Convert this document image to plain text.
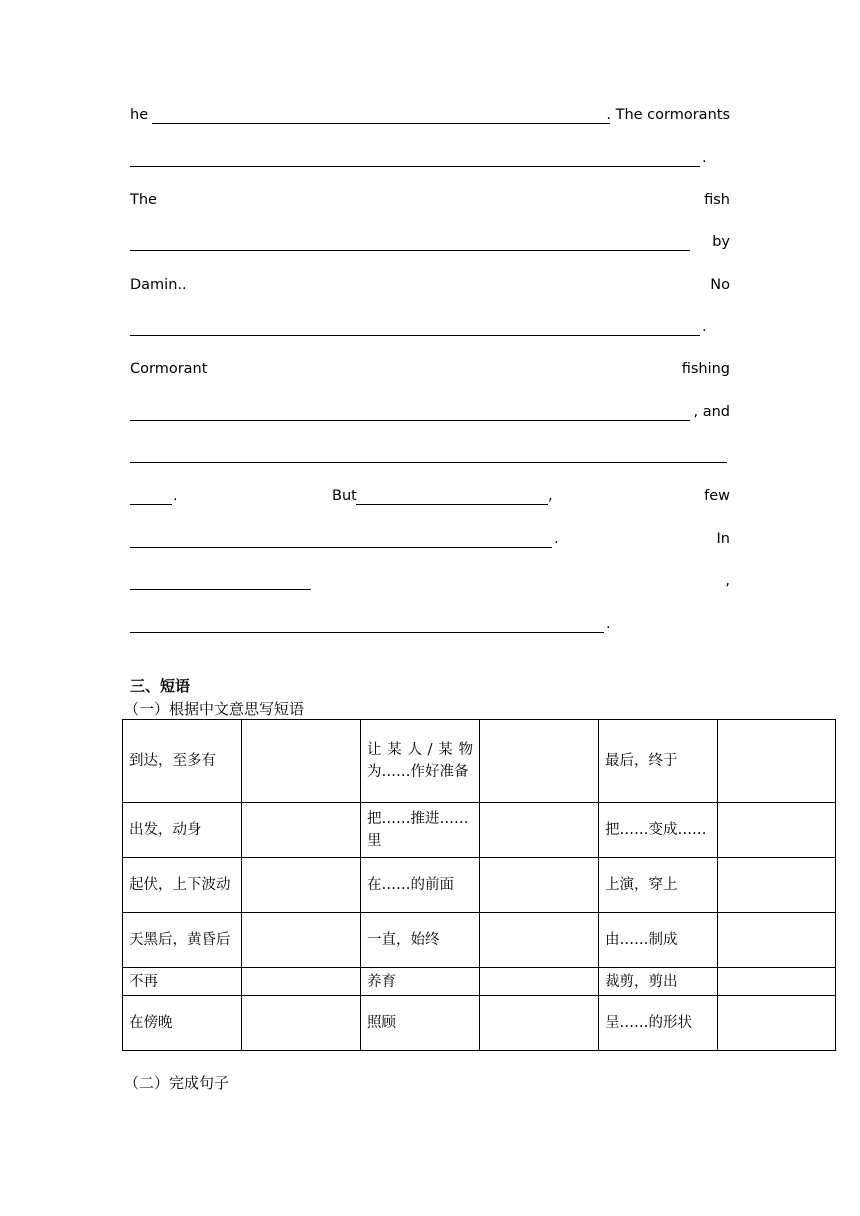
he	. The cormorants
.
The	fish
by
Damin..	No
.
Cormorant	fishing
, and
.	But	,	few
.	In
,
.
三、短语
（一）根据中文意思写短语
到达，至多有		让某人/某物为……作好准备		最后，终于	
出发，动身		把……推进……里		把……变成……	
起伏，上下波动		在……的前面		上演，穿上	
天黑后，黄昏后		一直，始终		由……制成	
不再		养育		裁剪，剪出	
在傍晚		照顾		呈……的形状	
（二）完成句子
